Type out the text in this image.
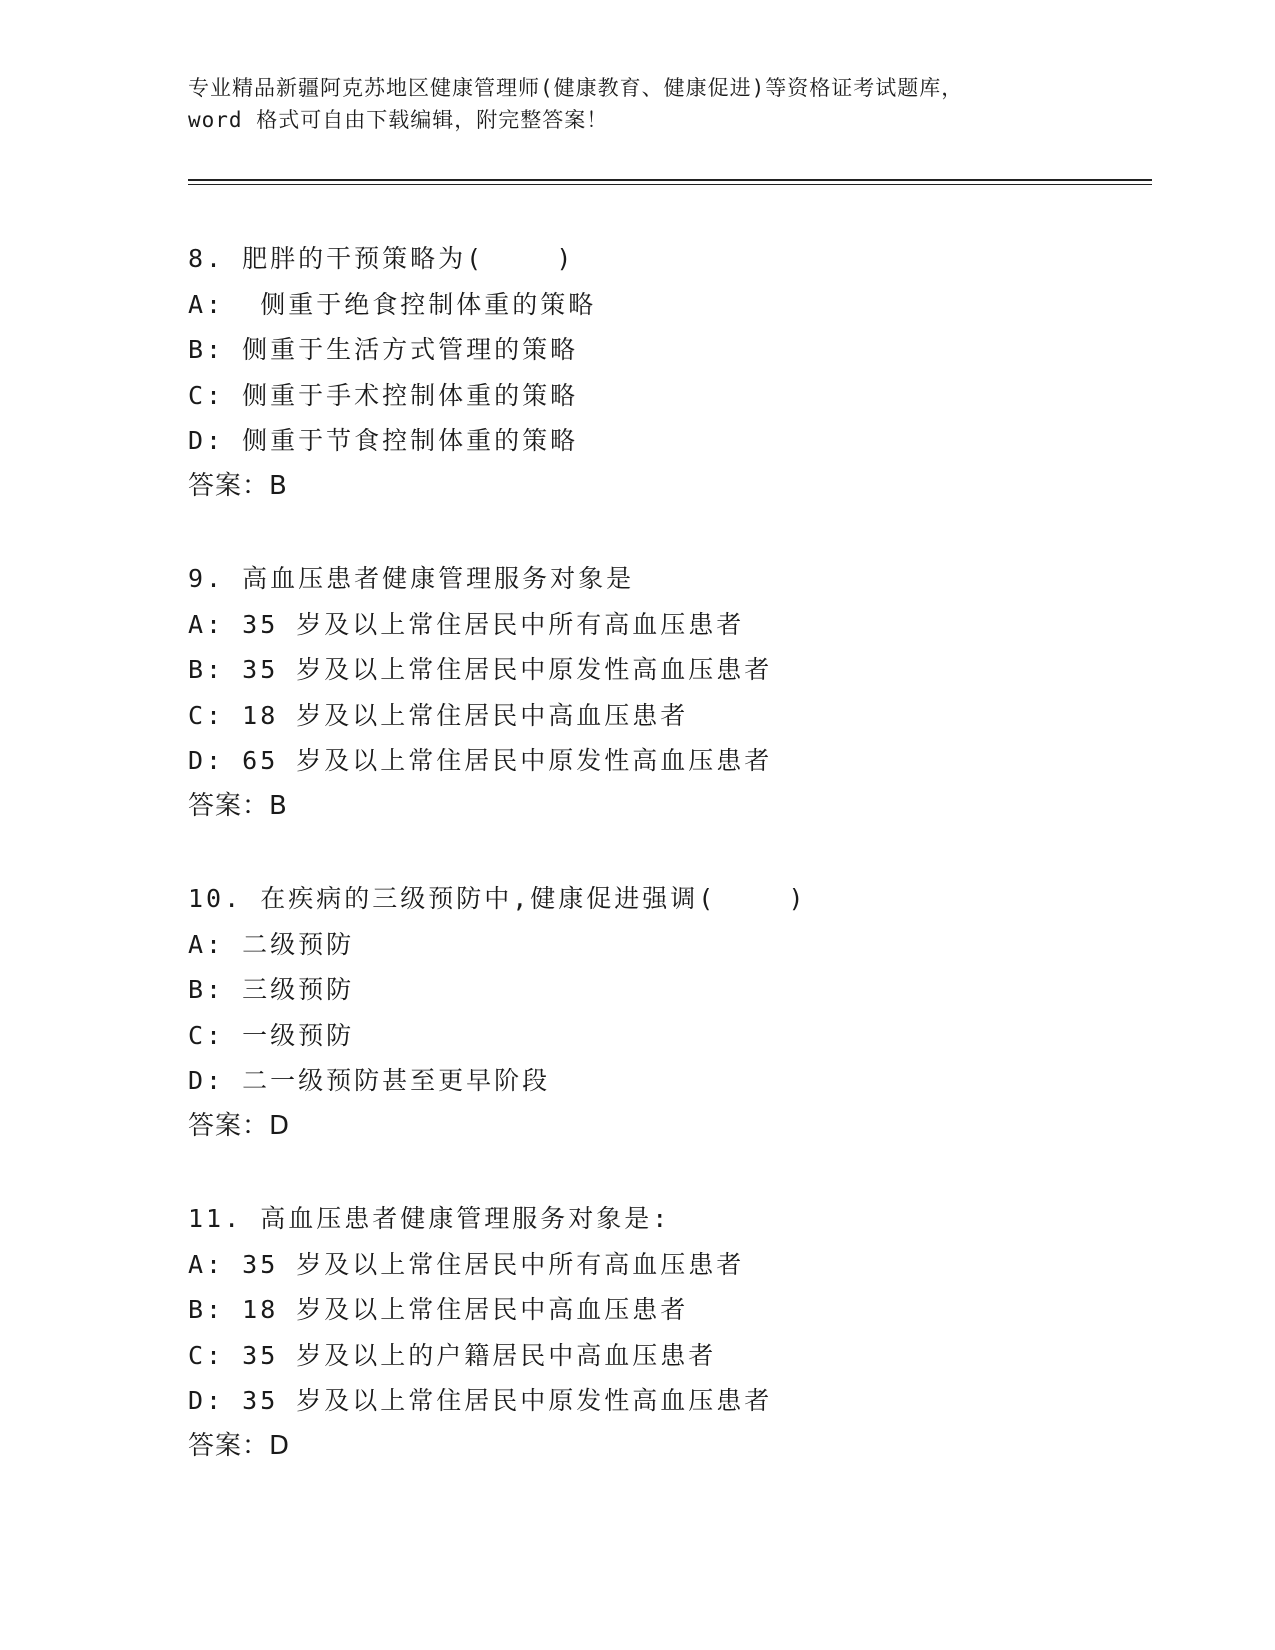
专业精品新疆阿克苏地区健康管理师(健康教育、健康促进)等资格证考试题库，
word 格式可自由下载编辑，附完整答案！
8. 肥胖的干预策略为(    )
A:  侧重于绝食控制体重的策略
B: 侧重于生活方式管理的策略
C: 侧重于手术控制体重的策略
D: 侧重于节食控制体重的策略
答案：B
9. 高血压患者健康管理服务对象是
A: 35 岁及以上常住居民中所有高血压患者
B: 35 岁及以上常住居民中原发性高血压患者
C: 18 岁及以上常住居民中高血压患者
D: 65 岁及以上常住居民中原发性高血压患者
答案：B
10. 在疾病的三级预防中,健康促进强调(    )
A: 二级预防
B: 三级预防
C: 一级预防
D: 二一级预防甚至更早阶段
答案：D
11. 高血压患者健康管理服务对象是:
A: 35 岁及以上常住居民中所有高血压患者
B: 18 岁及以上常住居民中高血压患者
C: 35 岁及以上的户籍居民中高血压患者
D: 35 岁及以上常住居民中原发性高血压患者
答案：D
